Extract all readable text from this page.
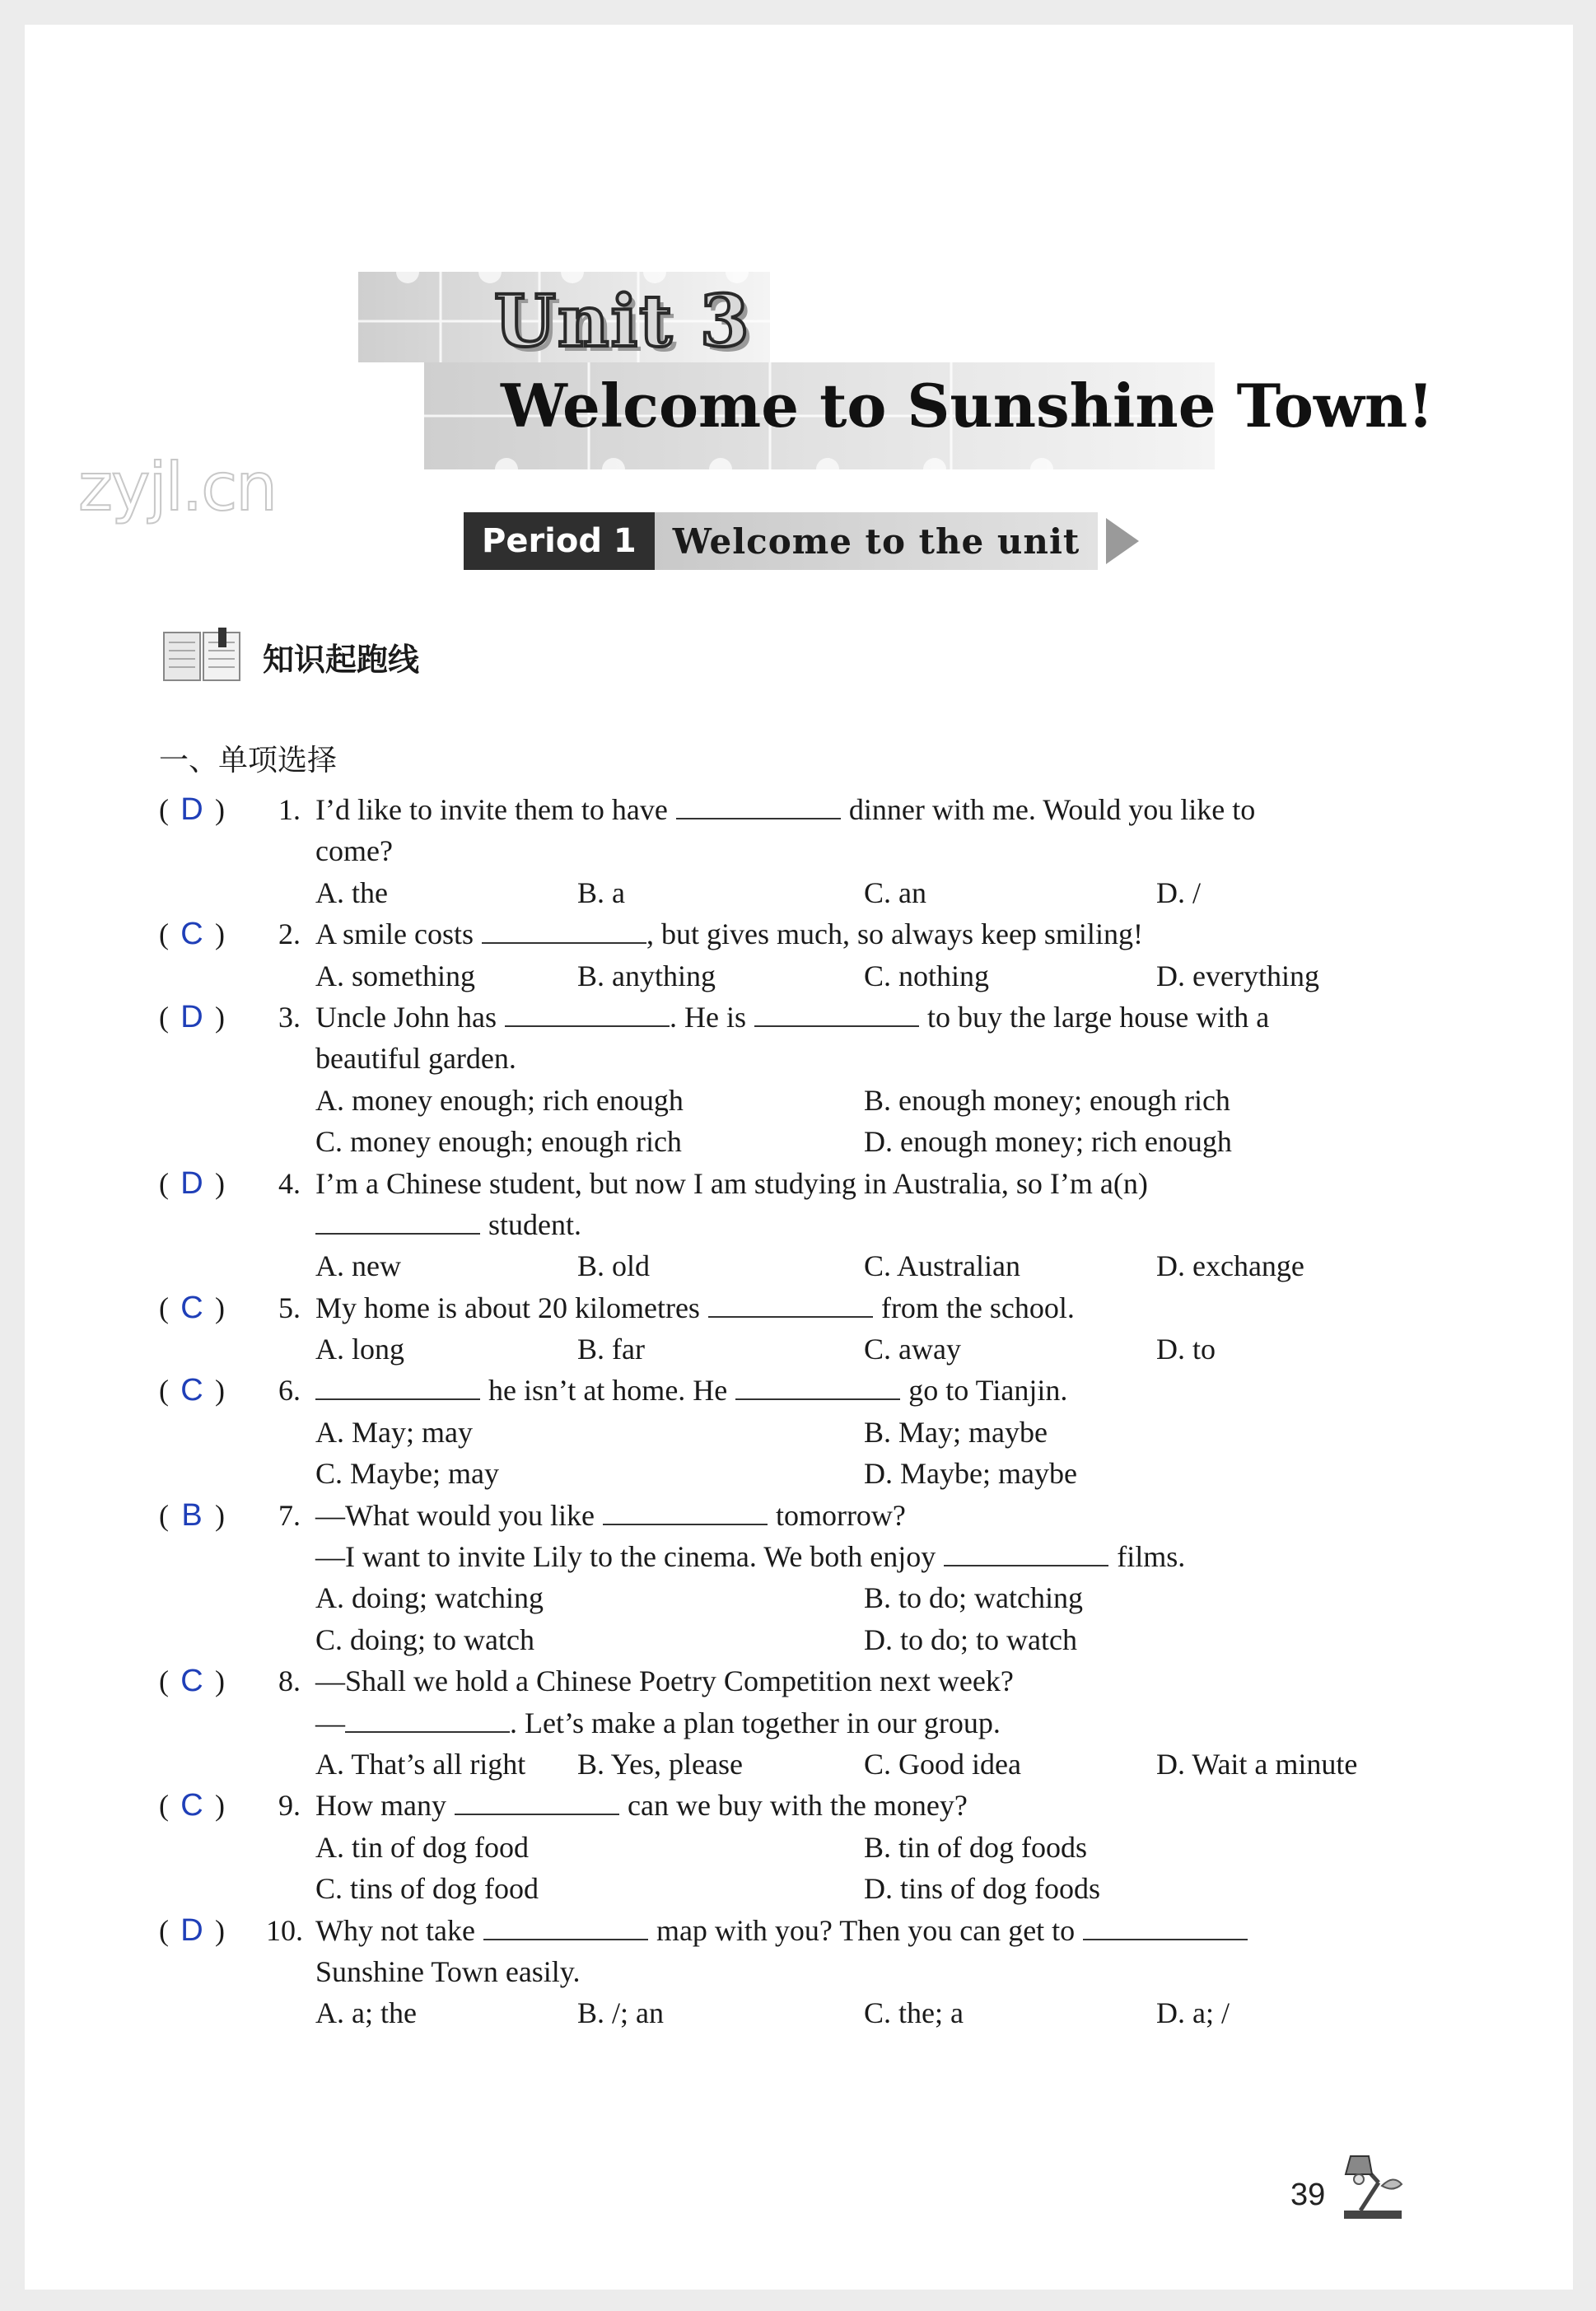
Unit 3
Welcome to Sunshine Town!
zyjl.cn
Period 1	Welcome to the unit
知识起跑线
一、单项选择
( D )	1. I’d like to invite them to have	dinner with me. Would you like to
come?
A. the	B. a	C. an	D. /
( C )	2. A smile costs	, but gives much, so always keep smiling!
A. something	B. anything	C. nothing	D. everything
( D )	3. Uncle John has	. He is	to buy the large house with a
beautiful garden.
A. money enough; rich enough	B. enough money; enough rich
C. money enough; enough rich	D. enough money; rich enough
( D )	4. I’m a Chinese student, but now I am studying in Australia, so I’m a(n)
student.
A. new	B. old	C. Australian	D. exchange
( C )	5. My home is about 20 kilometres	from the school.
A. long	B. far	C. away	D. to
( C )	6.	he isn’t at home. He	go to Tianjin.
A. May; may	B. May; maybe
C. Maybe; may	D. Maybe; maybe
( B )	7. —What would you like	tomorrow?
—I want to invite Lily to the cinema. We both enjoy	films.
A. doing; watching	B. to do; watching
C. doing; to watch	D. to do; to watch
( C )	8. —Shall we hold a Chinese Poetry Competition next week?
—	. Let’s make a plan together in our group.
A. That’s all right	B. Yes, please	C. Good idea	D. Wait a minute
( C )	9. How many	can we buy with the money?
A. tin of dog food	B. tin of dog foods
C. tins of dog food	D. tins of dog foods
( D )	10. Why not take	map with you? Then you can get to
Sunshine Town easily.
A. a; the	B. /; an	C. the; a	D. a; /
39
